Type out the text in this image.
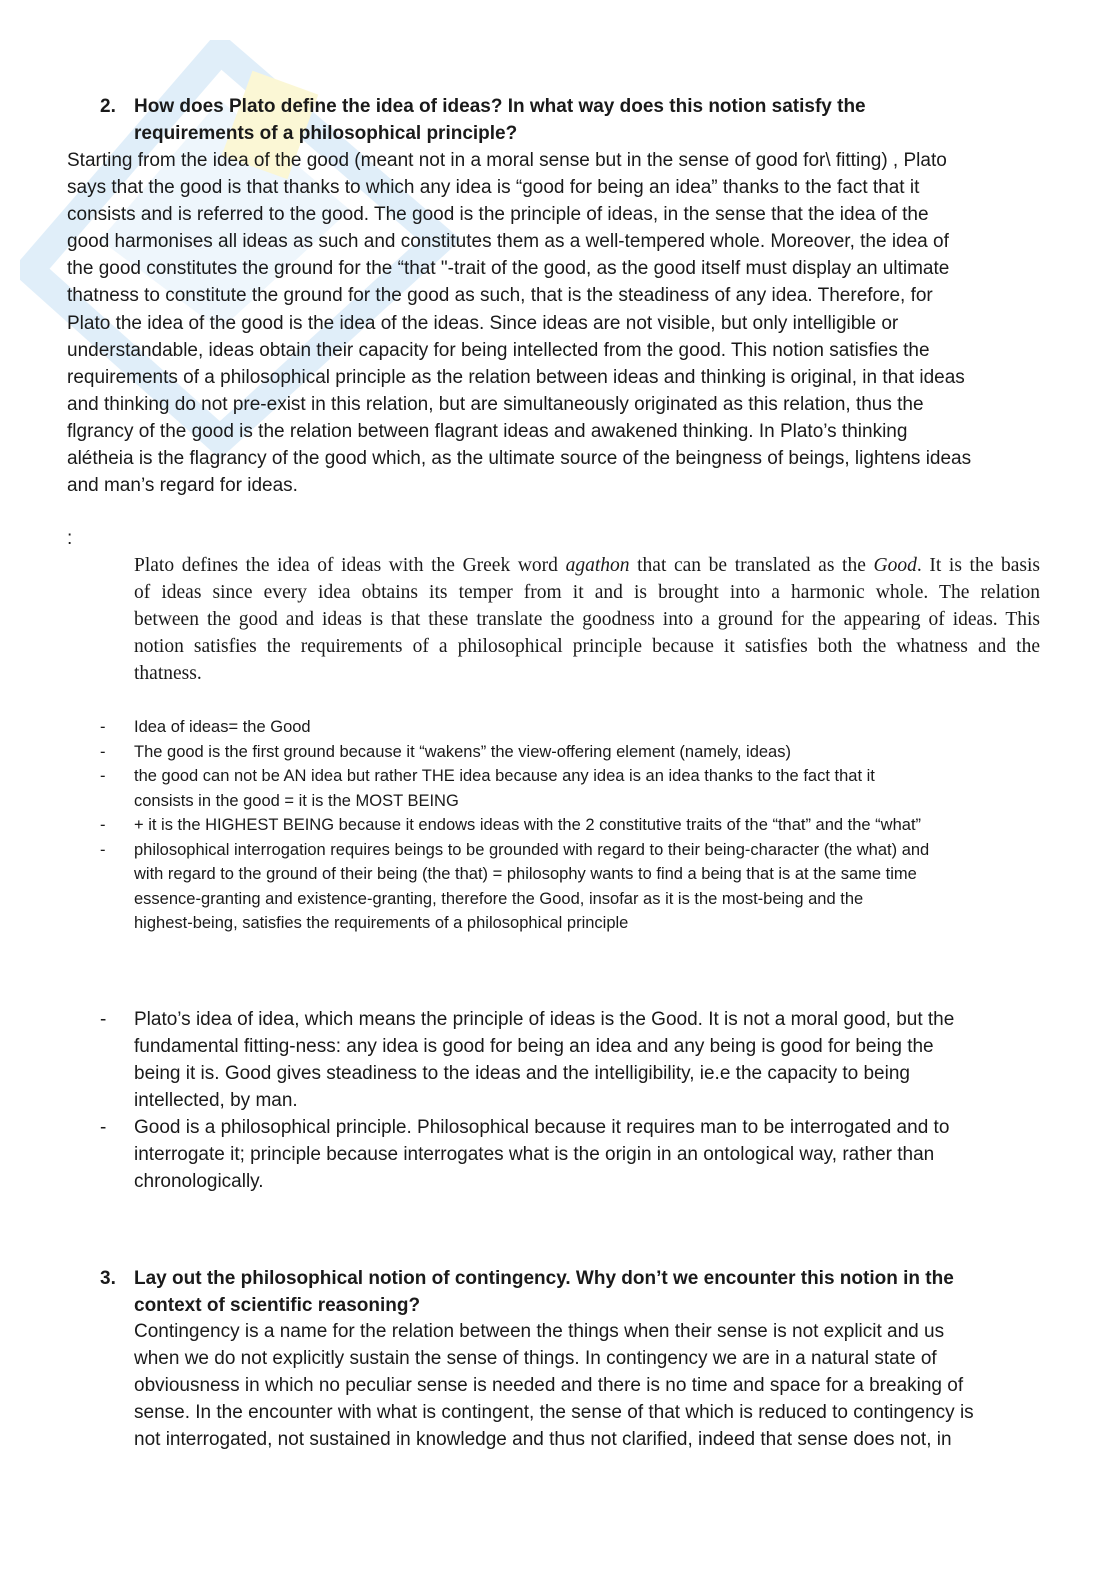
2. How does Plato define the idea of ideas? In what way does this notion satisfy the
requirements of a philosophical principle?
Starting from the idea of the good (meant not in a moral sense but in the sense of good for\ fitting) , Plato
says that the good is that thanks to which any idea is “good for being an idea” thanks to the fact that it
consists and is referred to the good. The good is the principle of ideas, in the sense that the idea of the
good harmonises all ideas as such and constitutes them as a well-tempered whole. Moreover, the idea of
the good constitutes the ground for the “that "-trait of the good, as the good itself must display an ultimate
thatness to constitute the ground for the good as such, that is the steadiness of any idea. Therefore, for
Plato the idea of the good is the idea of the ideas. Since ideas are not visible, but only intelligible or
understandable, ideas obtain their capacity for being intellected from the good. This notion satisfies the
requirements of a philosophical principle as the relation between ideas and thinking is original, in that ideas
and thinking do not pre-exist in this relation, but are simultaneously originated as this relation, thus the
flgrancy of the good is the relation between flagrant ideas and awakened thinking. In Plato’s thinking
alétheia is the flagrancy of the good which, as the ultimate source of the beingness of beings, lightens ideas
and man’s regard for ideas.
:
Plato defines the idea of ideas with the Greek word agathon that can be translated as the Good. It is the basis
of ideas since every idea obtains its temper from it and is brought into a harmonic whole. The relation
between the good and ideas is that these translate the goodness into a ground for the appearing of ideas. This
notion satisfies the requirements of a philosophical principle because it satisfies both the whatness and the
thatness.
- Idea of ideas= the Good
- The good is the first ground because it “wakens” the view-offering element (namely, ideas)
- the good can not be AN idea but rather THE idea because any idea is an idea thanks to the fact that it
consists in the good = it is the MOST BEING
- + it is the HIGHEST BEING because it endows ideas with the 2 constitutive traits of the “that” and the “what”
- philosophical interrogation requires beings to be grounded with regard to their being-character (the what) and
with regard to the ground of their being (the that) = philosophy wants to find a being that is at the same time
essence-granting and existence-granting, therefore the Good, insofar as it is the most-being and the
highest-being, satisfies the requirements of a philosophical principle
- Plato’s idea of idea, which means the principle of ideas is the Good. It is not a moral good, but the
fundamental fitting-ness: any idea is good for being an idea and any being is good for being the
being it is. Good gives steadiness to the ideas and the intelligibility, ie.e the capacity to being
intellected, by man.
- Good is a philosophical principle. Philosophical because it requires man to be interrogated and to
interrogate it; principle because interrogates what is the origin in an ontological way, rather than
chronologically.
3. Lay out the philosophical notion of contingency. Why don’t we encounter this notion in the
context of scientific reasoning?
Contingency is a name for the relation between the things when their sense is not explicit and us
when we do not explicitly sustain the sense of things. In contingency we are in a natural state of
obviousness in which no peculiar sense is needed and there is no time and space for a breaking of
sense. In the encounter with what is contingent, the sense of that which is reduced to contingency is
not interrogated, not sustained in knowledge and thus not clarified, indeed that sense does not, in
